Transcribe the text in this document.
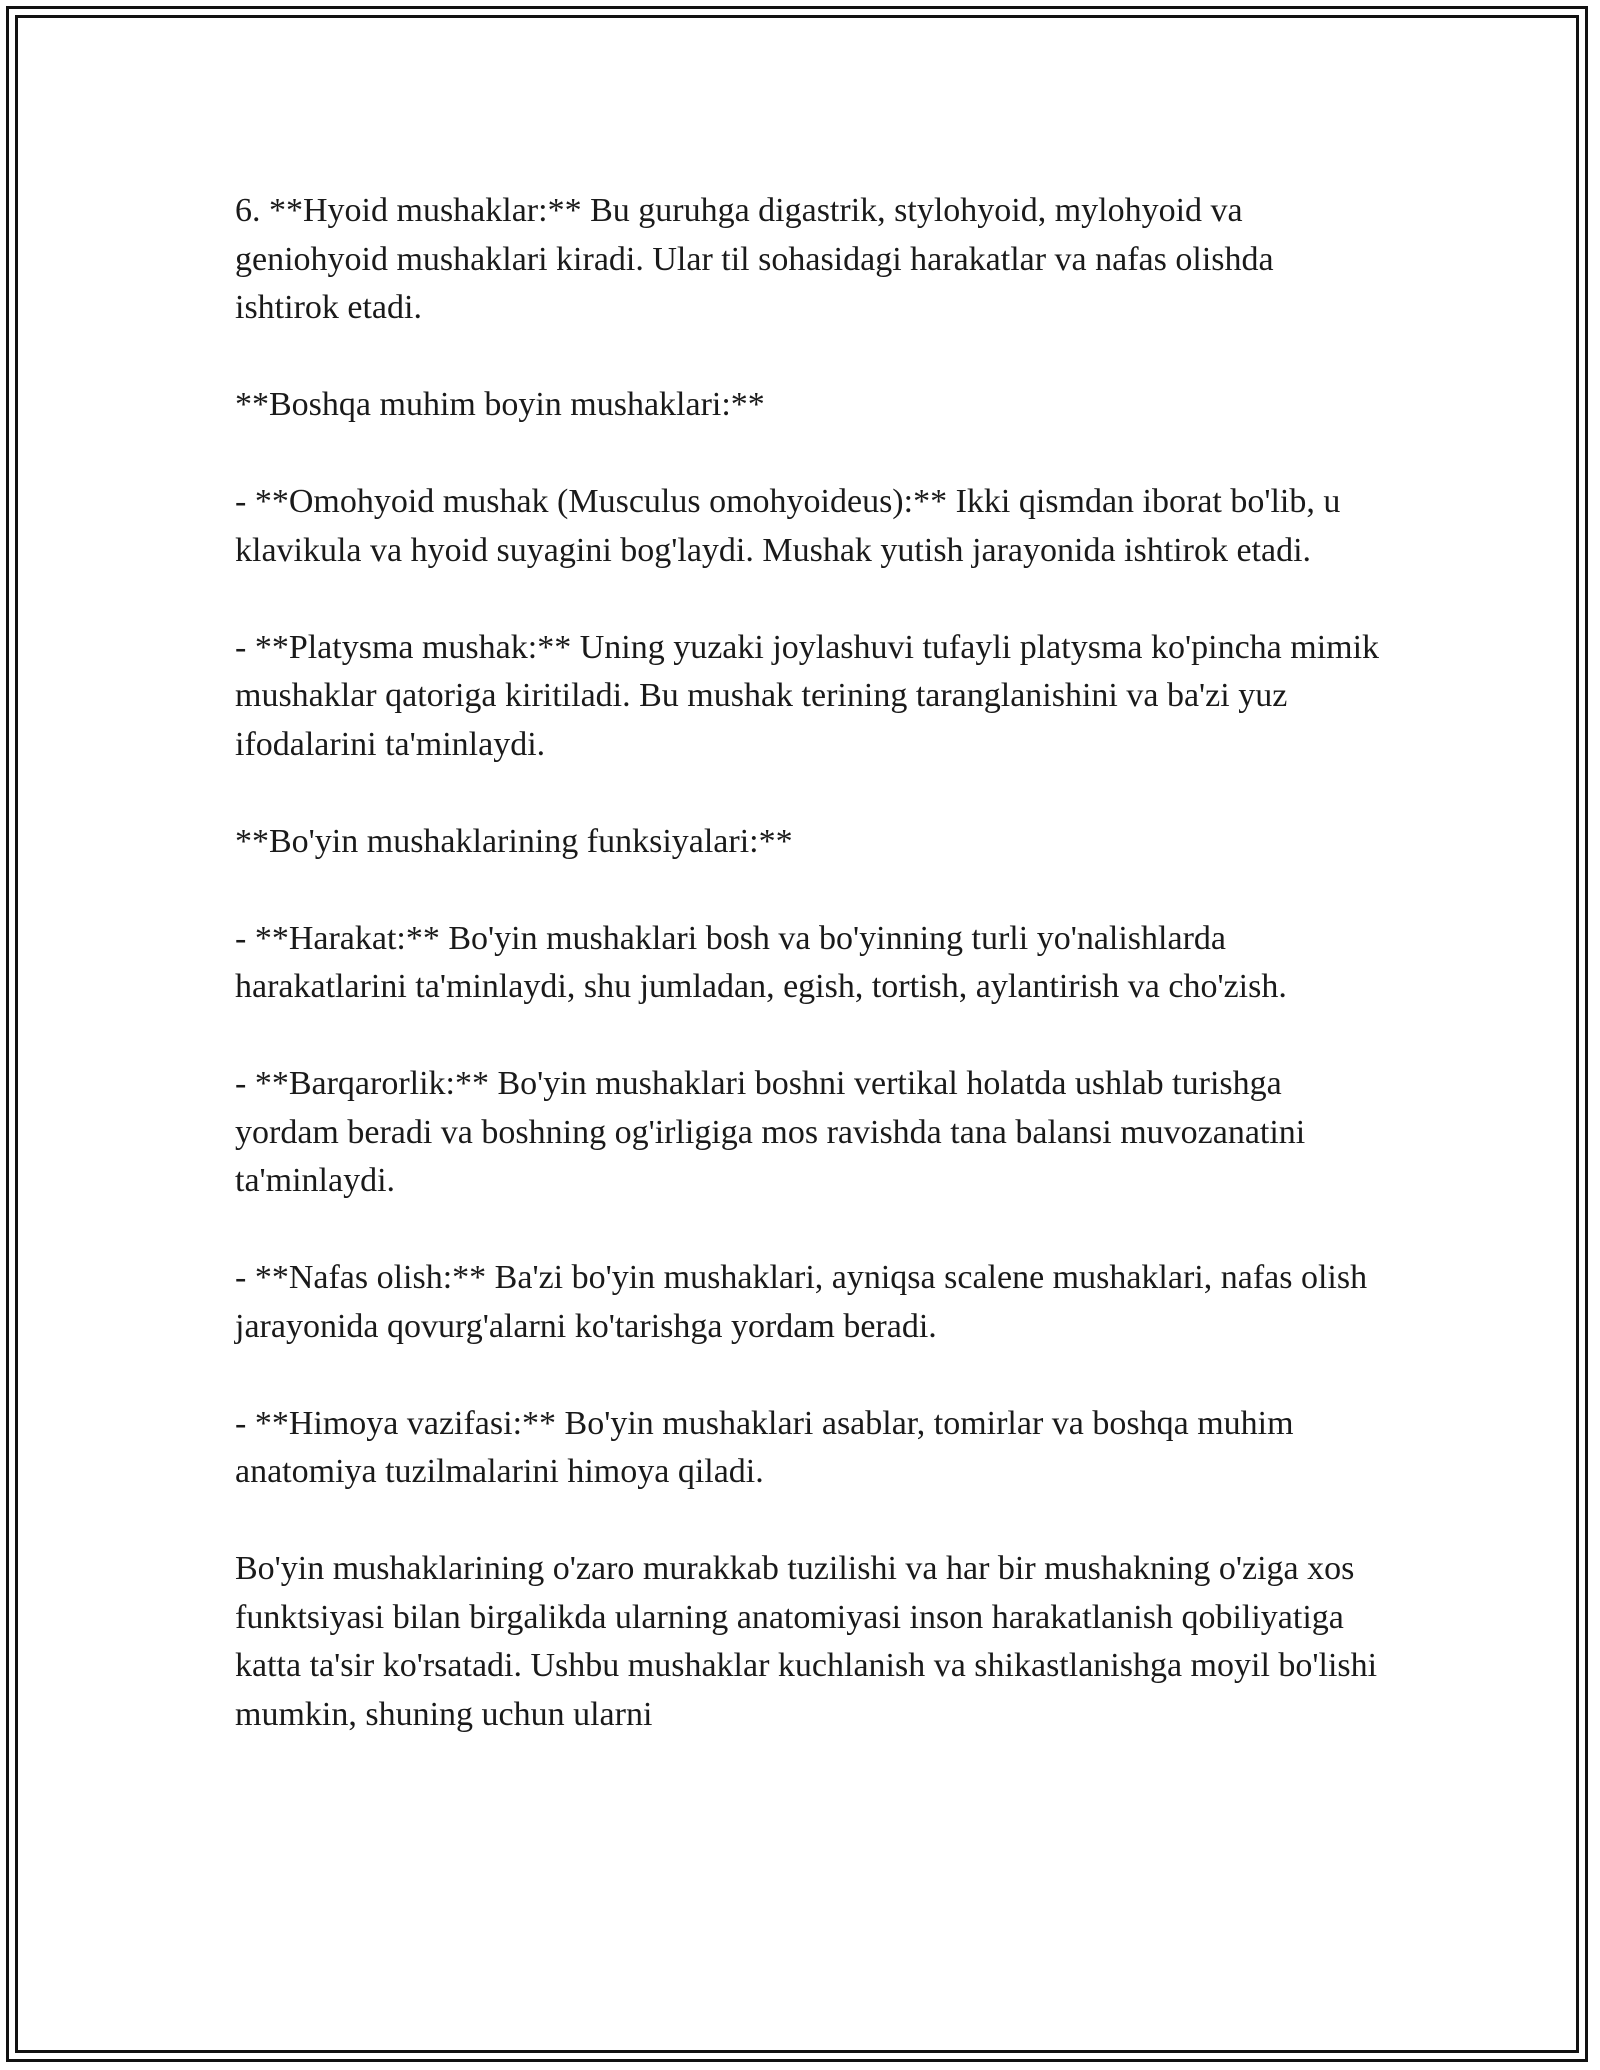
6. **Hyoid mushaklar:** Bu guruhga digastrik, stylohyoid, mylohyoid va geniohyoid mushaklari kiradi. Ular til sohasidagi harakatlar va nafas olishda ishtirok etadi.

**Boshqa muhim boyin mushaklari:**

- **Omohyoid mushak (Musculus omohyoideus):** Ikki qismdan iborat bo'lib, u klavikula va hyoid suyagini bog'laydi. Mushak yutish jarayonida ishtirok etadi.

- **Platysma mushak:** Uning yuzaki joylashuvi tufayli platysma ko'pincha mimik mushaklar qatoriga kiritiladi. Bu mushak terining taranglanishini va ba'zi yuz ifodalarini ta'minlaydi.

**Bo'yin mushaklarining funksiyalari:**

- **Harakat:** Bo'yin mushaklari bosh va bo'yinning turli yo'nalishlarda harakatlarini ta'minlaydi, shu jumladan, egish, tortish, aylantirish va cho'zish.

- **Barqarorlik:** Bo'yin mushaklari boshni vertikal holatda ushlab turishga yordam beradi va boshning og'irligiga mos ravishda tana balansi muvozanatini ta'minlaydi.

- **Nafas olish:** Ba'zi bo'yin mushaklari, ayniqsa scalene mushaklari, nafas olish jarayonida qovurg'alarni ko'tarishga yordam beradi.

- **Himoya vazifasi:** Bo'yin mushaklari asablar, tomirlar va boshqa muhim anatomiya tuzilmalarini himoya qiladi.

Bo'yin mushaklarining o'zaro murakkab tuzilishi va har bir mushakning o'ziga xos funktsiyasi bilan birgalikda ularning anatomiyasi inson harakatlanish qobiliyatiga katta ta'sir ko'rsatadi. Ushbu mushaklar kuchlanish va shikastlanishga moyil bo'lishi mumkin, shuning uchun ularni
